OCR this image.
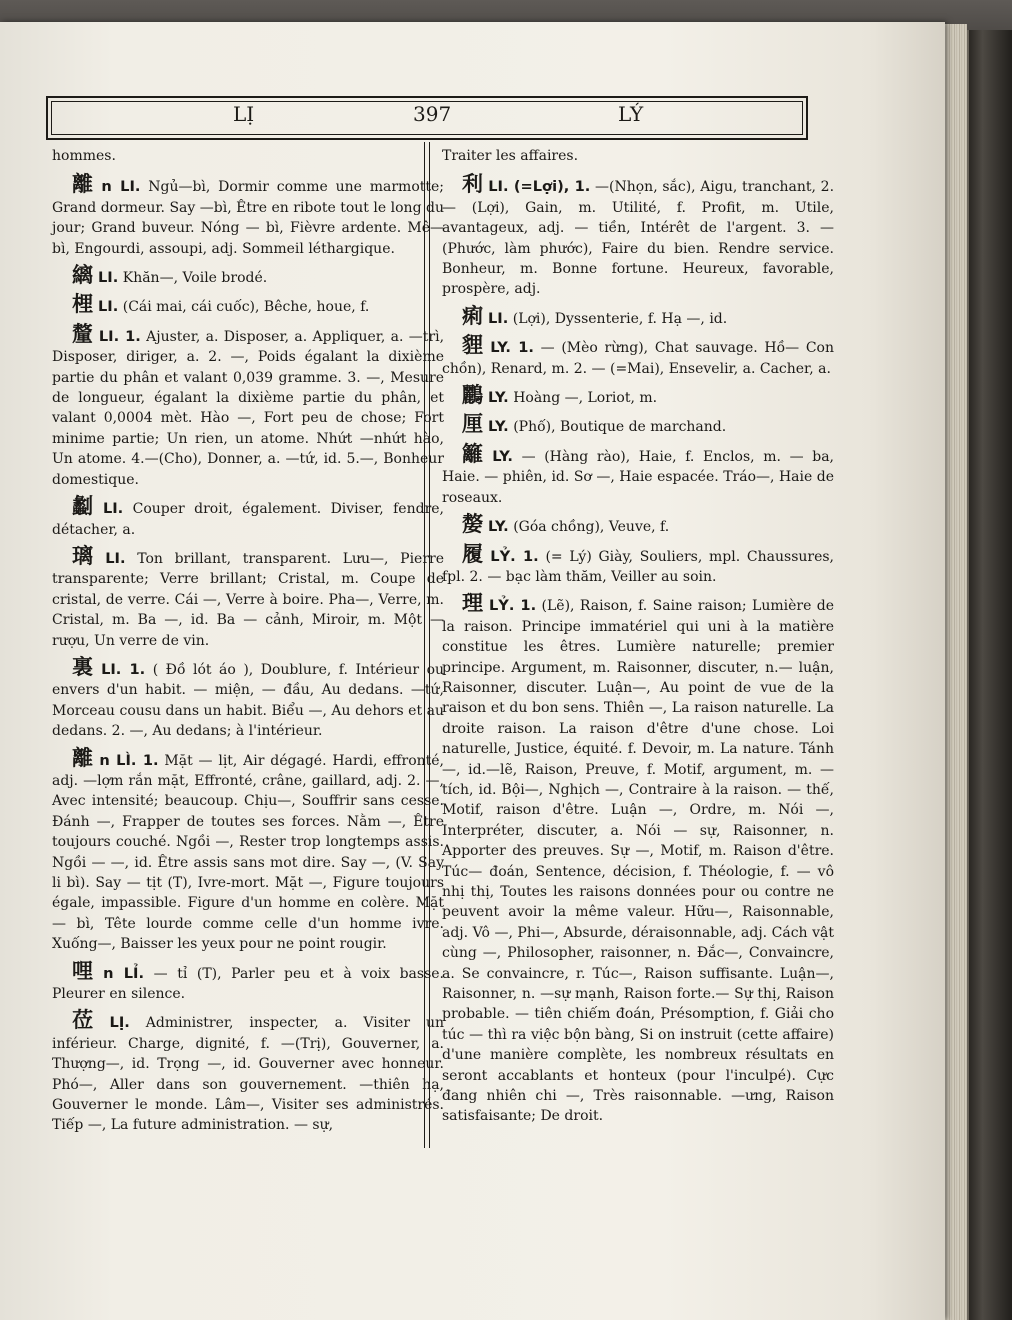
LỊ	397	LÝ

hommes.

離 n LI. Ngủ—bì, Dormir comme une marmotte; Grand dormeur. Say —bì, Être en ribote tout le long du jour; Grand buveur. Nóng — bì, Fièvre ardente. Mê—bì, Engourdi, assoupi, adj. Sommeil léthargique.

縭 LI. Khăn—, Voile brodé.

梩 LI. (Cái mai, cái cuốc), Bêche, houe, f.

釐 LI. 1. Ajuster, a. Disposer, a. Appliquer, a. —trì, Disposer, diriger, a. 2. —, Poids égalant la dixième partie du phân et valant 0,039 gramme. 3. —, Mesure de longueur, égalant la dixième partie du phân, et valant 0,0004 mèt. Hào —, Fort peu de chose; Fort minime partie; Un rien, un atome. Nhứt —nhứt hào, Un atome. 4.—(Cho), Donner, a. —tứ, id. 5.—, Bonheur domestique.

劙 LI. Couper droit, également. Diviser, fendre, détacher, a.

璃 LI. Ton brillant, transparent. Lưu—, Pierre transparente; Verre brillant; Cristal, m. Coupe de cristal, de verre. Cái —, Verre à boire. Pha—, Verre, m. Cristal, m. Ba —, id. Ba — cảnh, Miroir, m. Một — rượu, Un verre de vin.

裏 LI. 1. ( Đồ lót áo ), Doublure, f. Intérieur ou envers d'un habit. — miện, — đầu, Au dedans. —tứ, Morceau cousu dans un habit. Biểu —, Au dehors et au dedans. 2. —, Au dedans; à l'intérieur.

離 n LÌ. 1. Mặt — lịt, Air dégagé. Hardi, effronté, adj. —lợm rắn mặt, Effronté, crâne, gaillard, adj. 2. —, Avec intensité; beaucoup. Chịu—, Souffrir sans cesse. Đánh —, Frapper de toutes ses forces. Nằm —, Être toujours couché. Ngồi —, Rester trop longtemps assis. Ngồi — —, id. Être assis sans mot dire. Say —, (V. Say li bì). Say — tịt (T), Ivre-mort. Mặt —, Figure toujours égale, impassible. Figure d'un homme en colère. Mặt— bì, Tête lourde comme celle d'un homme ivre. Xuống—, Baisser les yeux pour ne point rougir.

哩 n LỈ. — tỉ (T), Parler peu et à voix basse. Pleurer en silence.

莅 LỊ. Administrer, inspecter, a. Visiter un inférieur. Charge, dignité, f. —(Trị), Gouverner, a. Thượng—, id. Trọng —, id. Gouverner avec honneur. Phó—, Aller dans son gouvernement. —thiên hạ, Gouverner le monde. Lâm—, Visiter ses administrés. Tiếp —, La future administration. — sự,

Traiter les affaires.

利 LI. (=Lợi), 1. —(Nhọn, sắc), Aigu, tranchant, 2. — (Lợi), Gain, m. Utilité, f. Profit, m. Utile, avantageux, adj. — tiền, Intérêt de l'argent. 3. — (Phước, làm phước), Faire du bien. Rendre service. Bonheur, m. Bonne fortune. Heureux, favorable, prospère, adj.

痢 LI. (Lợi), Dyssenterie, f. Hạ —, id.

貍 LY. 1. — (Mèo rừng), Chat sauvage. Hồ— Con chồn), Renard, m. 2. — (=Mai), Ensevelir, a. Cacher, a.

鸝 LY. Hoàng —, Loriot, m.

厘 LY. (Phố), Boutique de marchand.

籬 LY. — (Hàng rào), Haie, f. Enclos, m. — ba, Haie. — phiên, id. Sơ —, Haie espacée. Tráo—, Haie de roseaux.

嫠 LY. (Góa chồng), Veuve, f.

履 LỶ. 1. (= Lý) Giày, Souliers, mpl. Chaussures, fpl. 2. — bạc làm thăm, Veiller au soin.

理 LỶ. 1. (Lẽ), Raison, f. Saine raison; Lumière de la raison. Principe immatériel qui uni à la matière constitue les êtres. Lumière naturelle; premier principe. Argument, m. Raisonner, discuter, n.— luận, Raisonner, discuter. Luận—, Au point de vue de la raison et du bon sens. Thiên —, La raison naturelle. La droite raison. La raison d'être d'une chose. Loi naturelle, Justice, équité. f. Devoir, m. La nature. Tánh—, id.—lẽ, Raison, Preuve, f. Motif, argument, m. — tích, id. Bội—, Nghịch —, Contraire à la raison. — thế, Motif, raison d'être. Luận —, Ordre, m. Nói —, Interpréter, discuter, a. Nói — sự, Raisonner, n. Apporter des preuves. Sự —, Motif, m. Raison d'être. Túc— đoán, Sentence, décision, f. Théologie, f. — vô nhị thị, Toutes les raisons données pour ou contre ne peuvent avoir la même valeur. Hữu—, Raisonnable, adj. Vô —, Phi—, Absurde, déraisonnable, adj. Cách vật cùng —, Philosopher, raisonner, n. Đắc—, Convaincre, a. Se convaincre, r. Túc—, Raison suffisante. Luận—, Raisonner, n. —sự mạnh, Raison forte.— Sự thị, Raison probable. — tiên chiếm đoán, Présomption, f. Giải cho túc — thì ra việc bộn bàng, Si on instruit (cette affaire) d'une manière complète, les nombreux résultats en seront accablants et honteux (pour l'inculpé). Cực đang nhiên chi —, Très raisonnable. —ưng, Raison satisfaisante; De droit.
